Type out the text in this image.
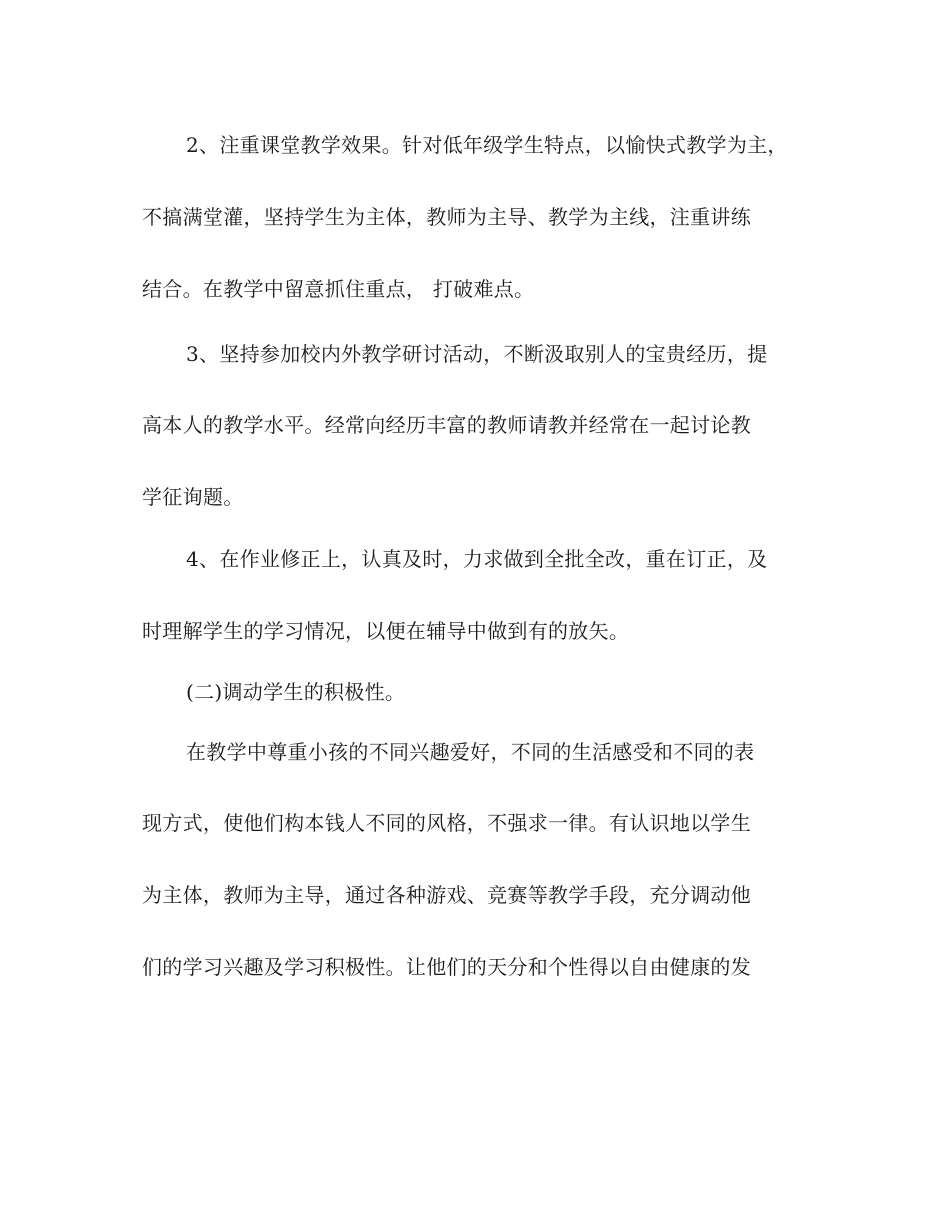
2、注重课堂教学效果。针对低年级学生特点，以愉快式教学为主，
不搞满堂灌，坚持学生为主体，教师为主导、教学为主线，注重讲练
结合。在教学中留意抓住重点， 打破难点。
3、坚持参加校内外教学研讨活动，不断汲取别人的宝贵经历，提
高本人的教学水平。经常向经历丰富的教师请教并经常在一起讨论教
学征询题。
4、在作业修正上，认真及时，力求做到全批全改，重在订正，及
时理解学生的学习情况，以便在辅导中做到有的放矢。
(二)调动学生的积极性。
在教学中尊重小孩的不同兴趣爱好，不同的生活感受和不同的表
现方式，使他们构本钱人不同的风格，不强求一律。有认识地以学生
为主体，教师为主导，通过各种游戏、竞赛等教学手段，充分调动他
们的学习兴趣及学习积极性。让他们的天分和个性得以自由健康的发
